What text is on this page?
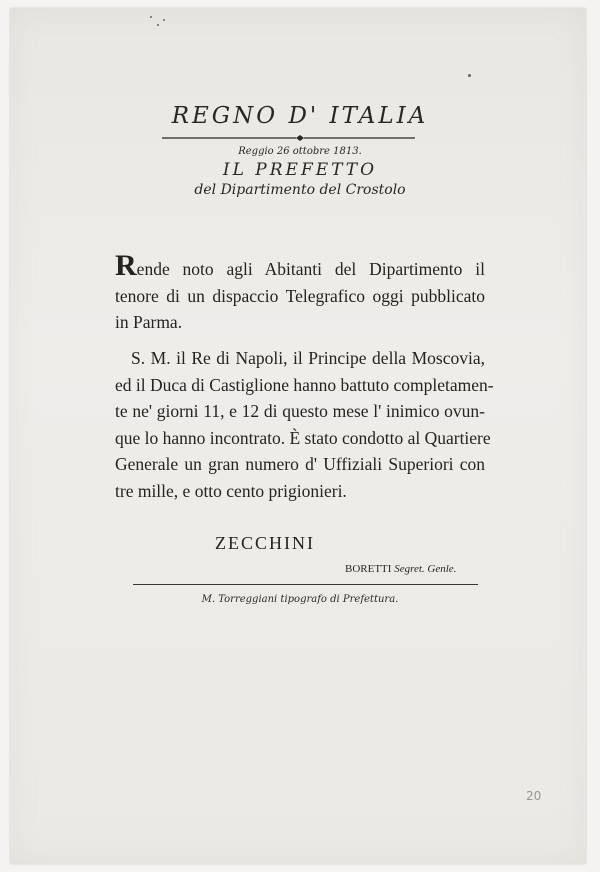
REGNO D' ITALIA
Reggio 26 ottobre 1813.
IL PREFETTO
del Dipartimento del Crostolo
Rende noto agli Abitanti del Dipartimento il
tenore di un dispaccio Telegrafico oggi pubblicato
in Parma.
S. M. il Re di Napoli, il Principe della Moscovia,
ed il Duca di Castiglione hanno battuto completamen-
te ne' giorni 11, e 12 di questo mese l' inimico ovun-
que lo hanno incontrato. È stato condotto al Quartiere
Generale un gran numero d' Uffiziali Superiori con
tre mille, e otto cento prigionieri.
ZECCHINI
BORETTI Segret. Genle.
M. Torreggiani tipografo di Prefettura.
20
